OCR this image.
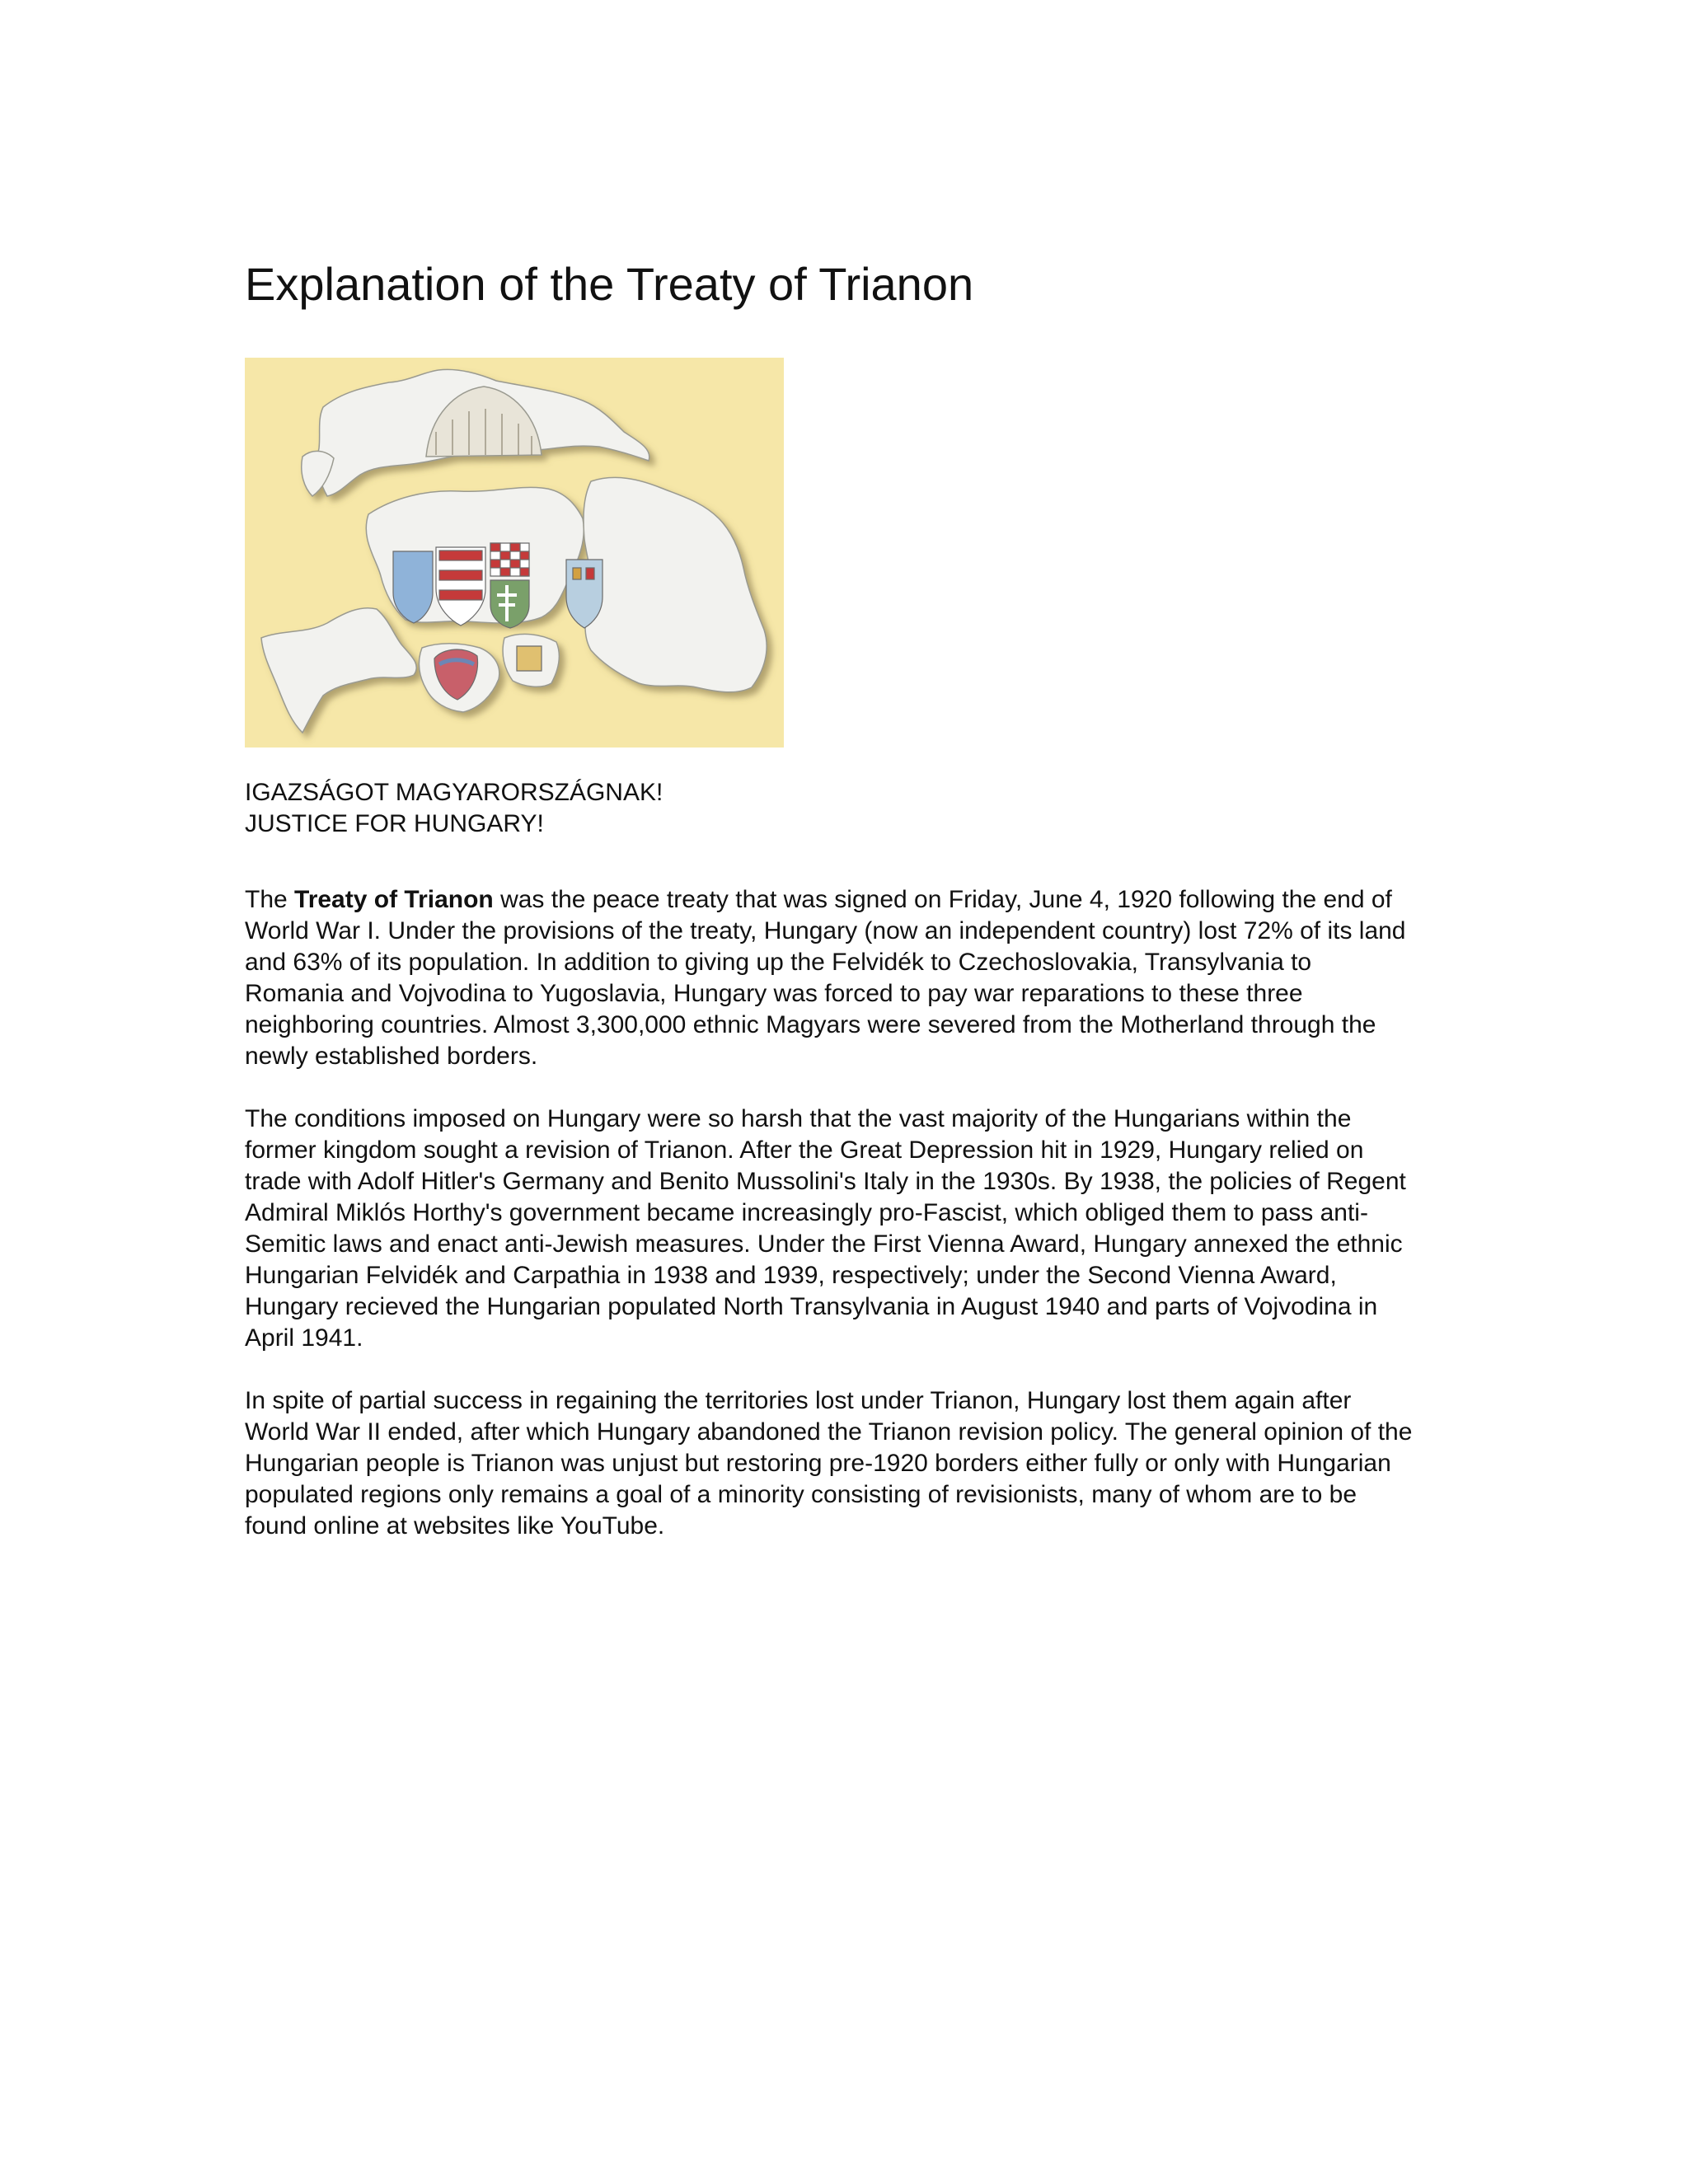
Explanation of the Treaty of Trianon
IGAZSÁGOT MAGYARORSZÁGNAK!
JUSTICE FOR HUNGARY!

The Treaty of Trianon was the peace treaty that was signed on Friday, June 4, 1920 following the end of World War I. Under the provisions of the treaty, Hungary (now an independent country) lost 72% of its land and 63% of its population. In addition to giving up the Felvidék to Czechoslovakia, Transylvania to Romania and Vojvodina to Yugoslavia, Hungary was forced to pay war reparations to these three neighboring countries. Almost 3,300,000 ethnic Magyars were severed from the Motherland through the newly established borders.

The conditions imposed on Hungary were so harsh that the vast majority of the Hungarians within the former kingdom sought a revision of Trianon. After the Great Depression hit in 1929, Hungary relied on trade with Adolf Hitler's Germany and Benito Mussolini's Italy in the 1930s. By 1938, the policies of Regent Admiral Miklós Horthy's government became increasingly pro-Fascist, which obliged them to pass anti-Semitic laws and enact anti-Jewish measures. Under the First Vienna Award, Hungary annexed the ethnic Hungarian Felvidék and Carpathia in 1938 and 1939, respectively; under the Second Vienna Award, Hungary recieved the Hungarian populated North Transylvania in August 1940 and parts of Vojvodina in April 1941.

In spite of partial success in regaining the territories lost under Trianon, Hungary lost them again after World War II ended, after which Hungary abandoned the Trianon revision policy. The general opinion of the Hungarian people is Trianon was unjust but restoring pre-1920 borders either fully or only with Hungarian populated regions only remains a goal of a minority consisting of revisionists, many of whom are to be found online at websites like YouTube.
